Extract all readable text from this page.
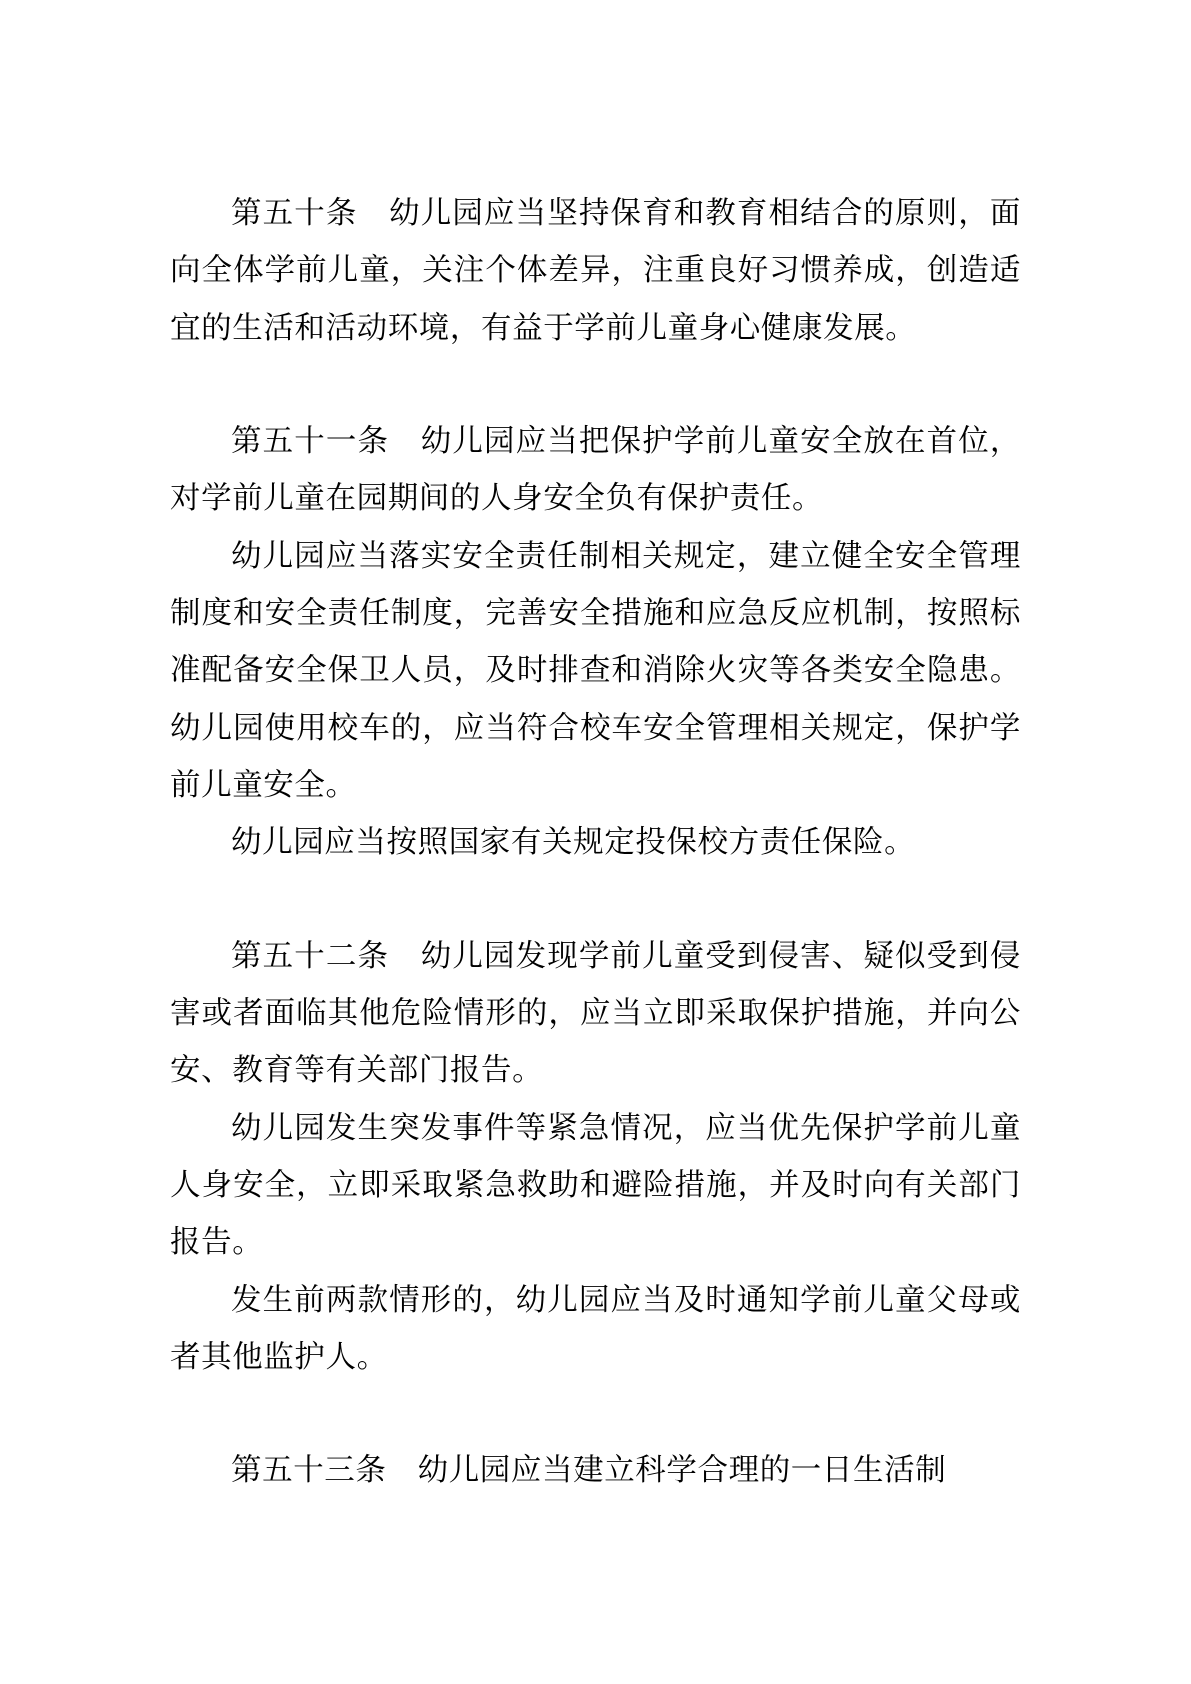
第五十条　幼儿园应当坚持保育和教育相结合的原则，面向全体学前儿童，关注个体差异，注重良好习惯养成，创造适宜的生活和活动环境，有益于学前儿童身心健康发展。

第五十一条　幼儿园应当把保护学前儿童安全放在首位，对学前儿童在园期间的人身安全负有保护责任。

幼儿园应当落实安全责任制相关规定，建立健全安全管理制度和安全责任制度，完善安全措施和应急反应机制，按照标准配备安全保卫人员，及时排查和消除火灾等各类安全隐患。幼儿园使用校车的，应当符合校车安全管理相关规定，保护学前儿童安全。

幼儿园应当按照国家有关规定投保校方责任保险。

第五十二条　幼儿园发现学前儿童受到侵害、疑似受到侵害或者面临其他危险情形的，应当立即采取保护措施，并向公安、教育等有关部门报告。

幼儿园发生突发事件等紧急情况，应当优先保护学前儿童人身安全，立即采取紧急救助和避险措施，并及时向有关部门报告。

发生前两款情形的，幼儿园应当及时通知学前儿童父母或者其他监护人。

第五十三条　幼儿园应当建立科学合理的一日生活制
